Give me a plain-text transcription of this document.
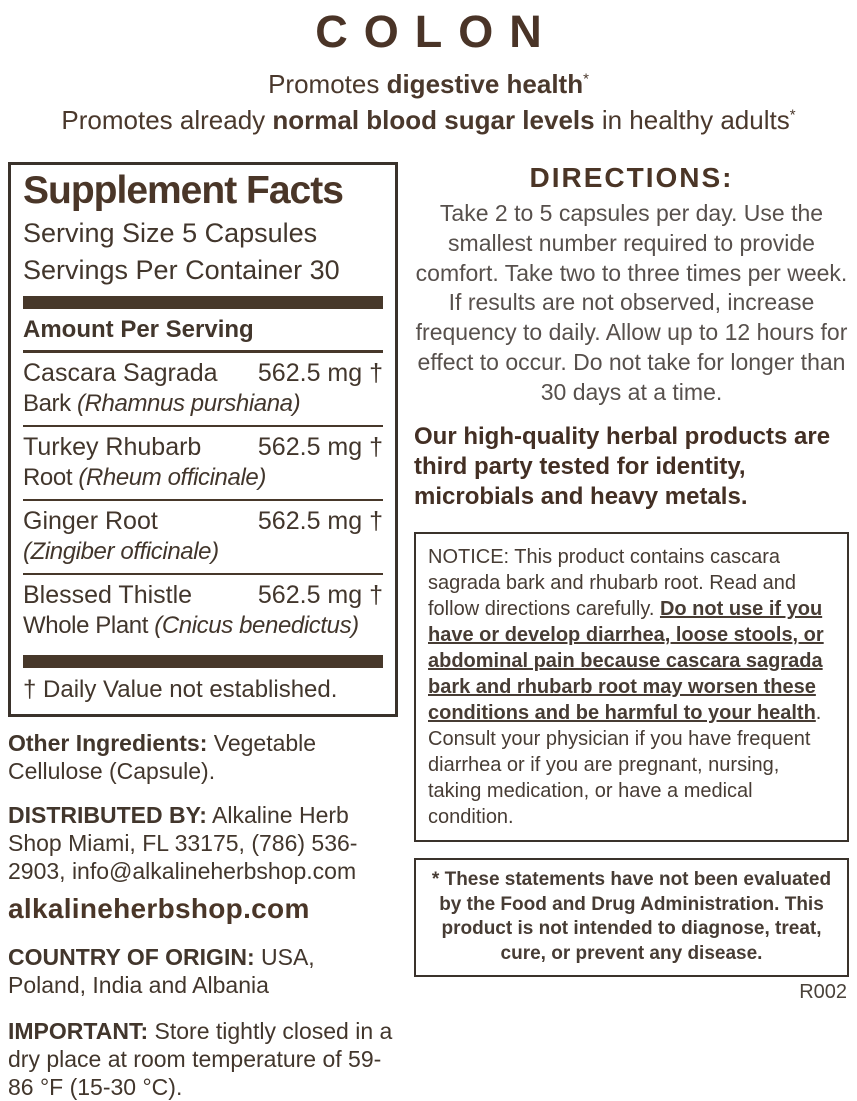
COLON
Promotes digestive health*
Promotes already normal blood sugar levels in healthy adults*
Supplement Facts
Serving Size 5 Capsules
Servings Per Container 30
Amount Per Serving
Cascara Sagrada 562.5 mg †
Bark (Rhamnus purshiana)
Turkey Rhubarb 562.5 mg †
Root (Rheum officinale)
Ginger Root	562.5 mg †
(Zingiber officinale)
Blessed Thistle	562.5 mg †
Whole Plant (Cnicus benedictus)
† Daily Value not established.
Other Ingredients: Vegetable Cellulose (Capsule).
DISTRIBUTED BY: Alkaline Herb Shop Miami, FL 33175, (786) 536-2903, info@alkalineherbshop.com
alkalineherbshop.com
COUNTRY OF ORIGIN: USA, Poland, India and Albania
IMPORTANT: Store tightly closed in a dry place at room temperature of 59-86 °F (15-30 °C).
DIRECTIONS:
Take 2 to 5 capsules per day. Use the smallest number required to provide comfort. Take two to three times per week. If results are not observed, increase frequency to daily. Allow up to 12 hours for effect to occur. Do not take for longer than 30 days at a time.
Our high-quality herbal products are third party tested for identity, microbials and heavy metals.
NOTICE: This product contains cascara sagrada bark and rhubarb root. Read and follow directions carefully. Do not use if you have or develop diarrhea, loose stools, or abdominal pain because cascara sagrada bark and rhubarb root may worsen these conditions and be harmful to your health. Consult your physician if you have frequent diarrhea or if you are pregnant, nursing, taking medication, or have a medical condition.
* These statements have not been evaluated by the Food and Drug Administration. This product is not intended to diagnose, treat, cure, or prevent any disease.
R002
